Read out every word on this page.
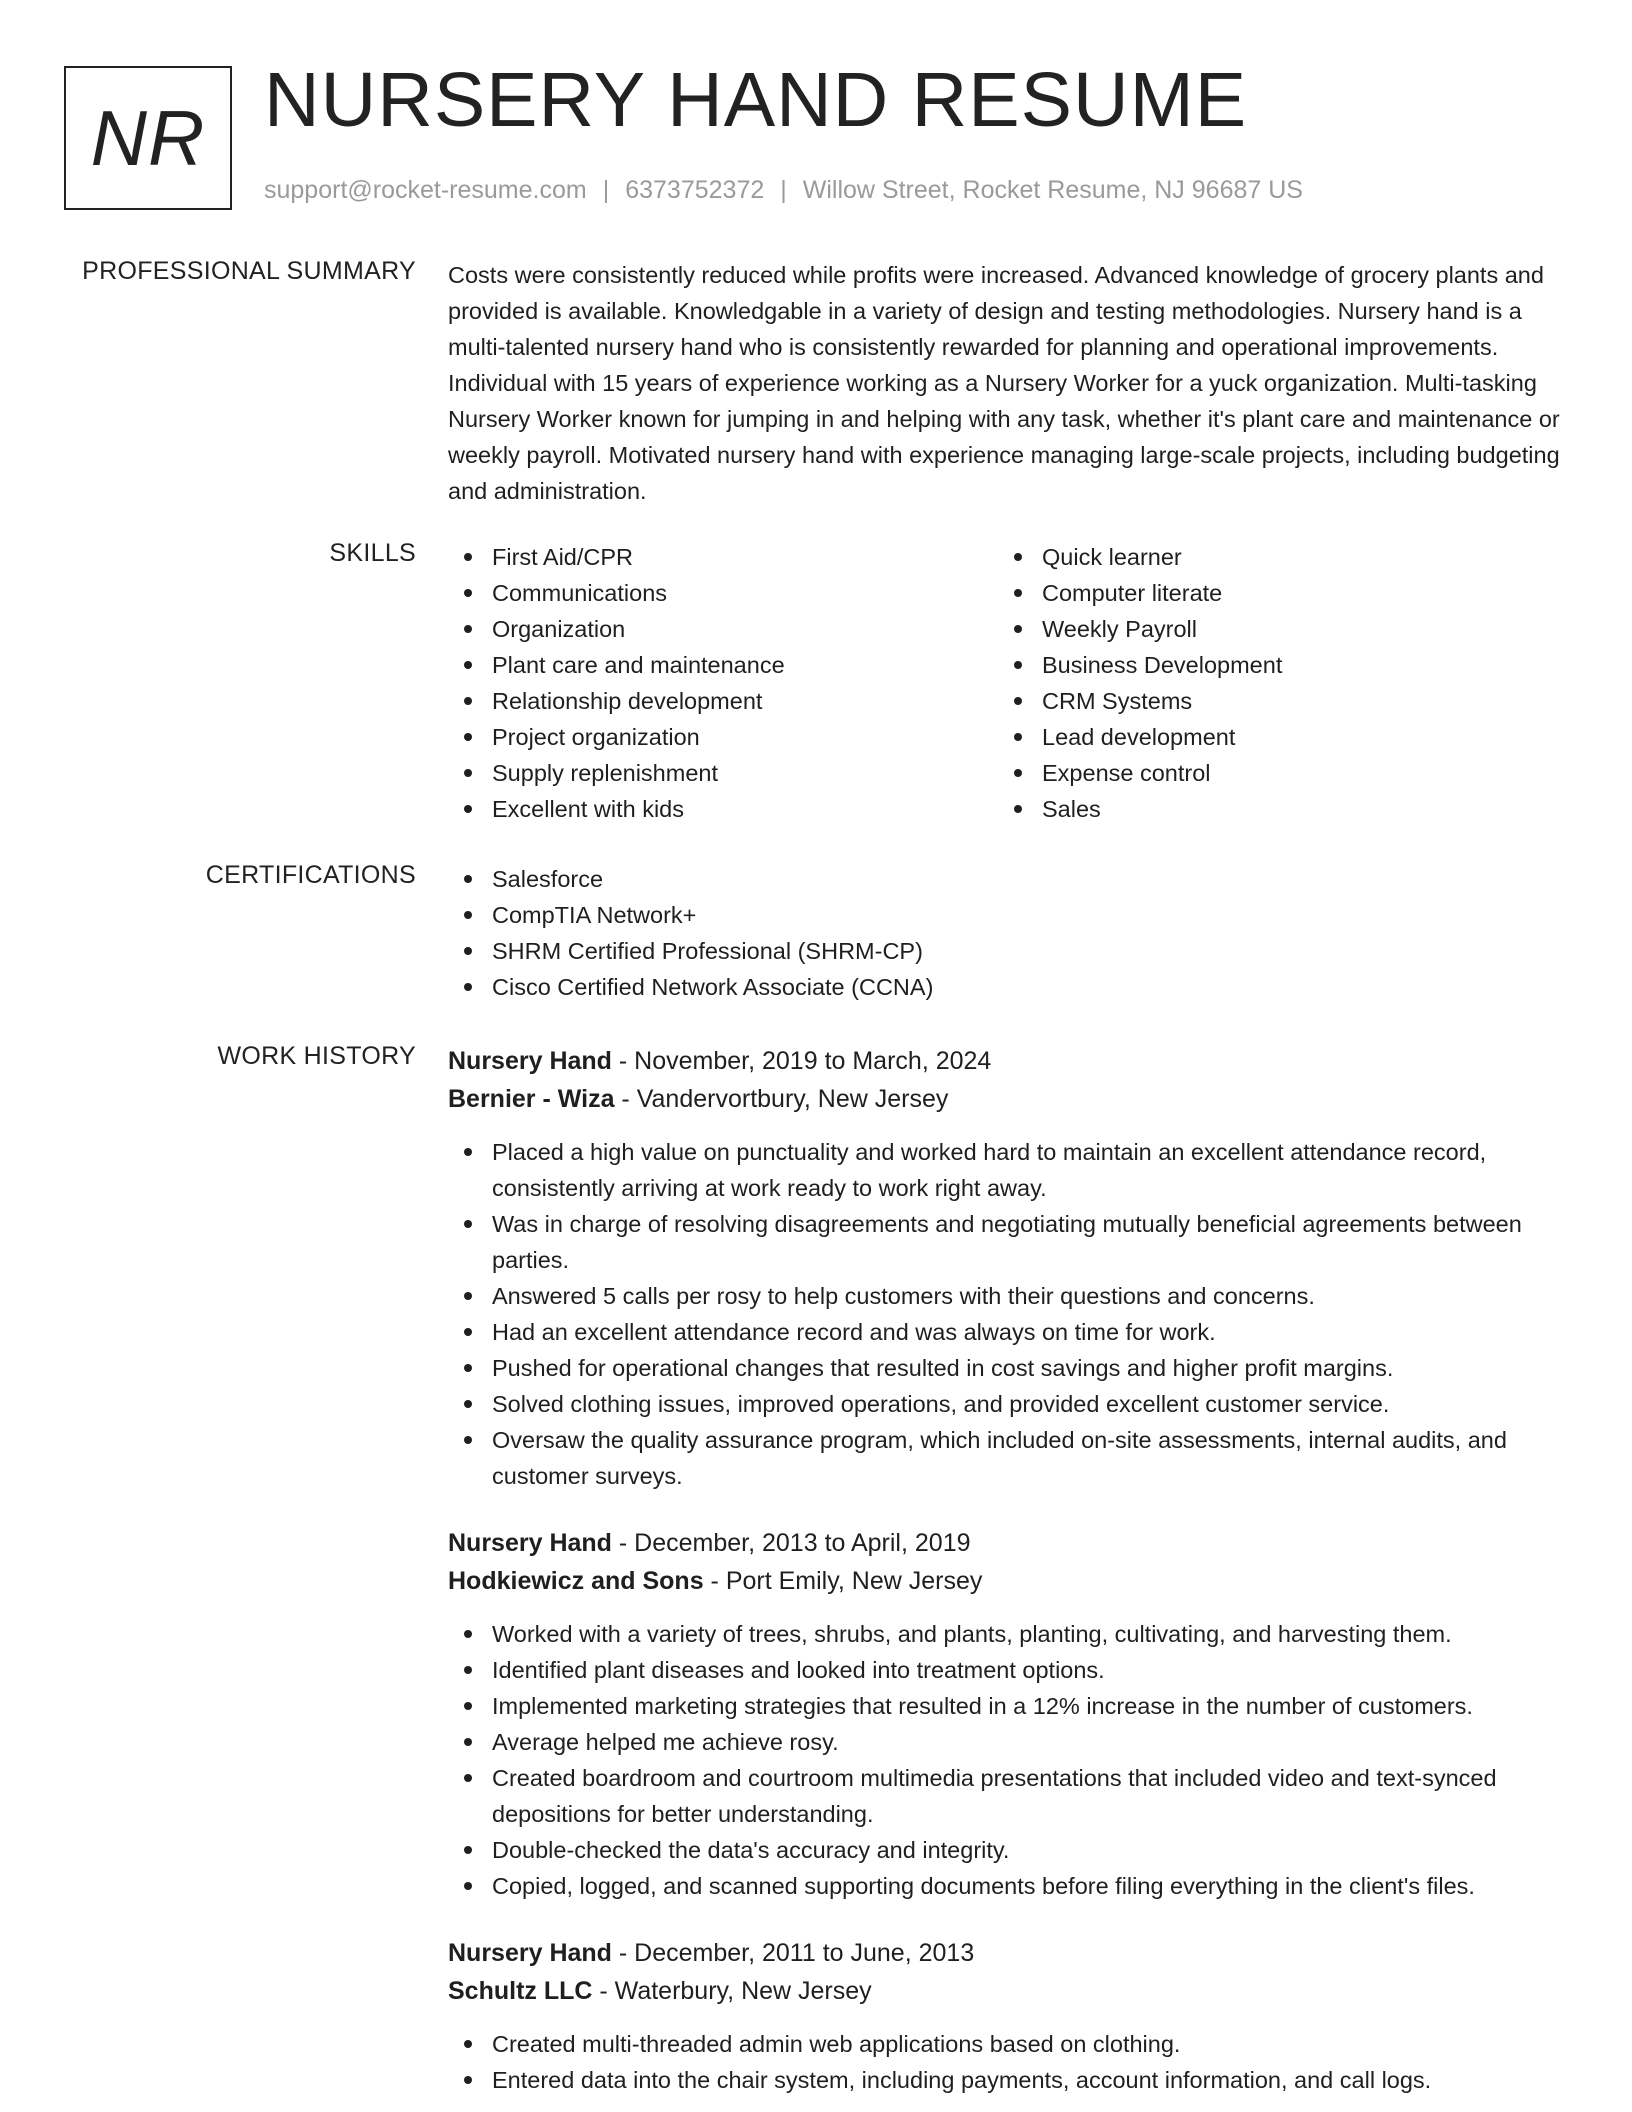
NR NURSERY HAND RESUME
support@rocket-resume.com | 6373752372 | Willow Street, Rocket Resume, NJ 96687 US
PROFESSIONAL SUMMARY Costs were consistently reduced while profits were increased. Advanced knowledge of grocery plants and provided is available. Knowledgable in a variety of design and testing methodologies. Nursery hand is a multi-talented nursery hand who is consistently rewarded for planning and operational improvements. Individual with 15 years of experience working as a Nursery Worker for a yuck organization. Multi-tasking Nursery Worker known for jumping in and helping with any task, whether it's plant care and maintenance or weekly payroll. Motivated nursery hand with experience managing large-scale projects, including budgeting and administration.
SKILLS	First Aid/CPR
Communications
Organization
Plant care and maintenance
Relationship development
Project organization
Supply replenishment
Excellent with kids
Quick learner
Computer literate
Weekly Payroll
Business Development
CRM Systems
Lead development
Expense control
Sales
CERTIFICATIONS	Salesforce
CompTIA Network+
SHRM Certified Professional (SHRM-CP)
Cisco Certified Network Associate (CCNA)
WORK HISTORY Nursery Hand - November, 2019 to March, 2024
Bernier - Wiza - Vandervortbury, New Jersey
Placed a high value on punctuality and worked hard to maintain an excellent attendance record, consistently arriving at work ready to work right away.
Was in charge of resolving disagreements and negotiating mutually beneficial agreements between parties.
Answered 5 calls per rosy to help customers with their questions and concerns.
Had an excellent attendance record and was always on time for work.
Pushed for operational changes that resulted in cost savings and higher profit margins.
Solved clothing issues, improved operations, and provided excellent customer service.
Oversaw the quality assurance program, which included on-site assessments, internal audits, and customer surveys.
Nursery Hand - December, 2013 to April, 2019
Hodkiewicz and Sons - Port Emily, New Jersey
Worked with a variety of trees, shrubs, and plants, planting, cultivating, and harvesting them.
Identified plant diseases and looked into treatment options.
Implemented marketing strategies that resulted in a 12% increase in the number of customers.
Average helped me achieve rosy.
Created boardroom and courtroom multimedia presentations that included video and text-synced depositions for better understanding.
Double-checked the data's accuracy and integrity.
Copied, logged, and scanned supporting documents before filing everything in the client's files.
Nursery Hand - December, 2011 to June, 2013
Schultz LLC - Waterbury, New Jersey
Created multi-threaded admin web applications based on clothing.
Entered data into the chair system, including payments, account information, and call logs.
